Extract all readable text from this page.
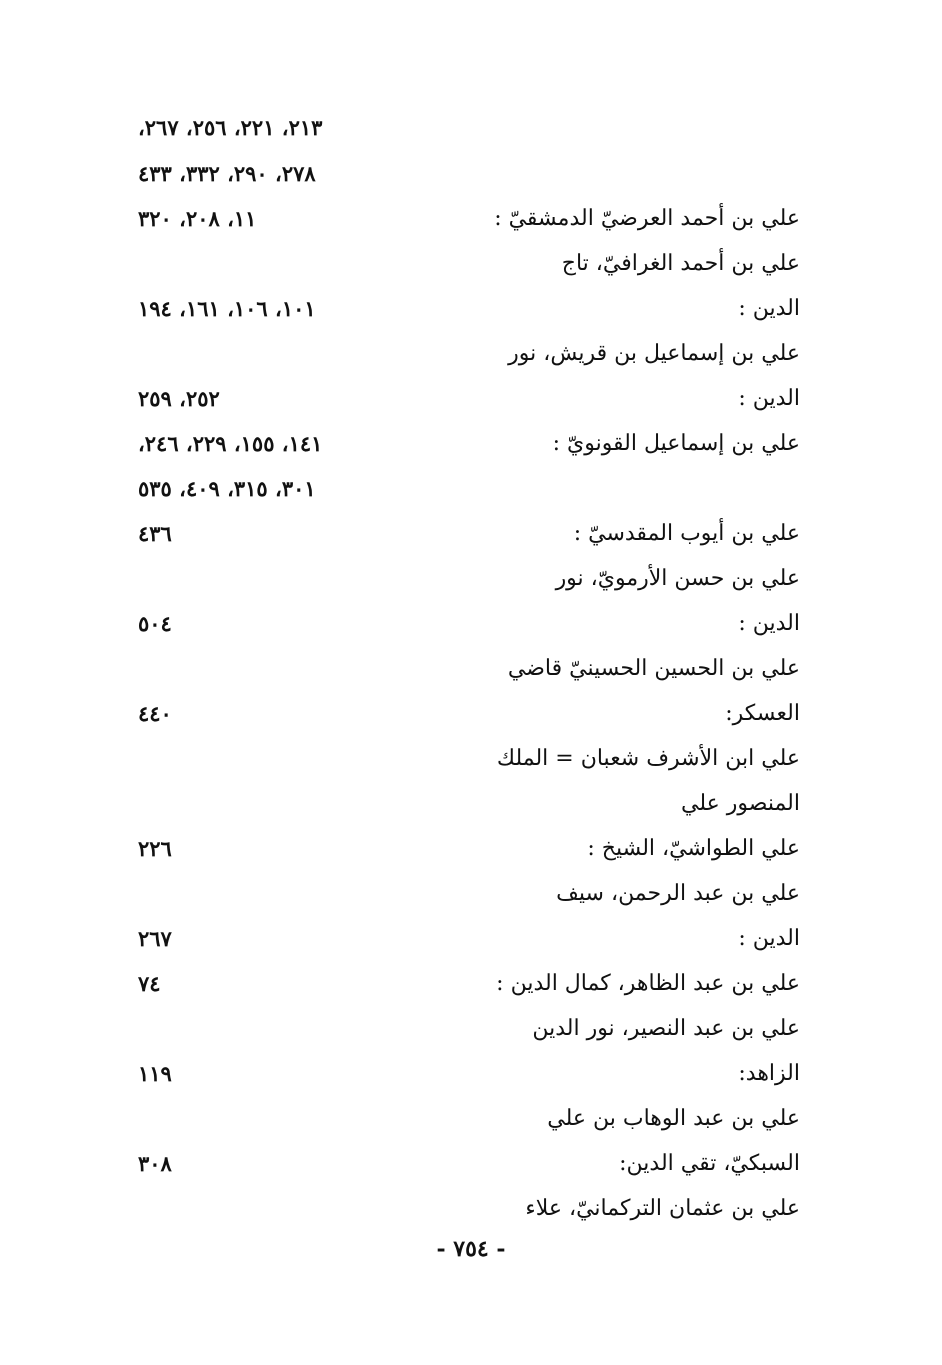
٢١٣، ٢٢١، ٢٥٦، ٢٦٧،
٢٧٨، ٢٩٠، ٣٣٢، ٤٣٣
علي بن أحمد العرضيّ الدمشقيّ :
١١، ٢٠٨، ٣٢٠
علي بن أحمد الغرافيّ، تاج
الدين :
١٠١، ١٠٦، ١٦١، ١٩٤
علي بن إسماعيل بن قريش، نور
الدين :
٢٥٢، ٢٥٩
علي بن إسماعيل القونويّ :
١٤١، ١٥٥، ٢٢٩، ٢٤٦،
٣٠١، ٣١٥، ٤٠٩، ٥٣٥
علي بن أيوب المقدسيّ :
٤٣٦
علي بن حسن الأرمويّ، نور
الدين :
٥٠٤
علي بن الحسين الحسينيّ قاضي
العسكر:
٤٤٠
علي ابن الأشرف شعبان = الملك
المنصور علي
علي الطواشيّ، الشيخ :
٢٢٦
علي بن عبد الرحمن، سيف
الدين :
٢٦٧
علي بن عبد الظاهر، كمال الدين :
٧٤
علي بن عبد النصير، نور الدين
الزاهد:
١١٩
علي بن عبد الوهاب بن علي
السبكيّ، تقي الدين:
٣٠٨
علي بن عثمان التركمانيّ، علاء
- ٧٥٤ -
